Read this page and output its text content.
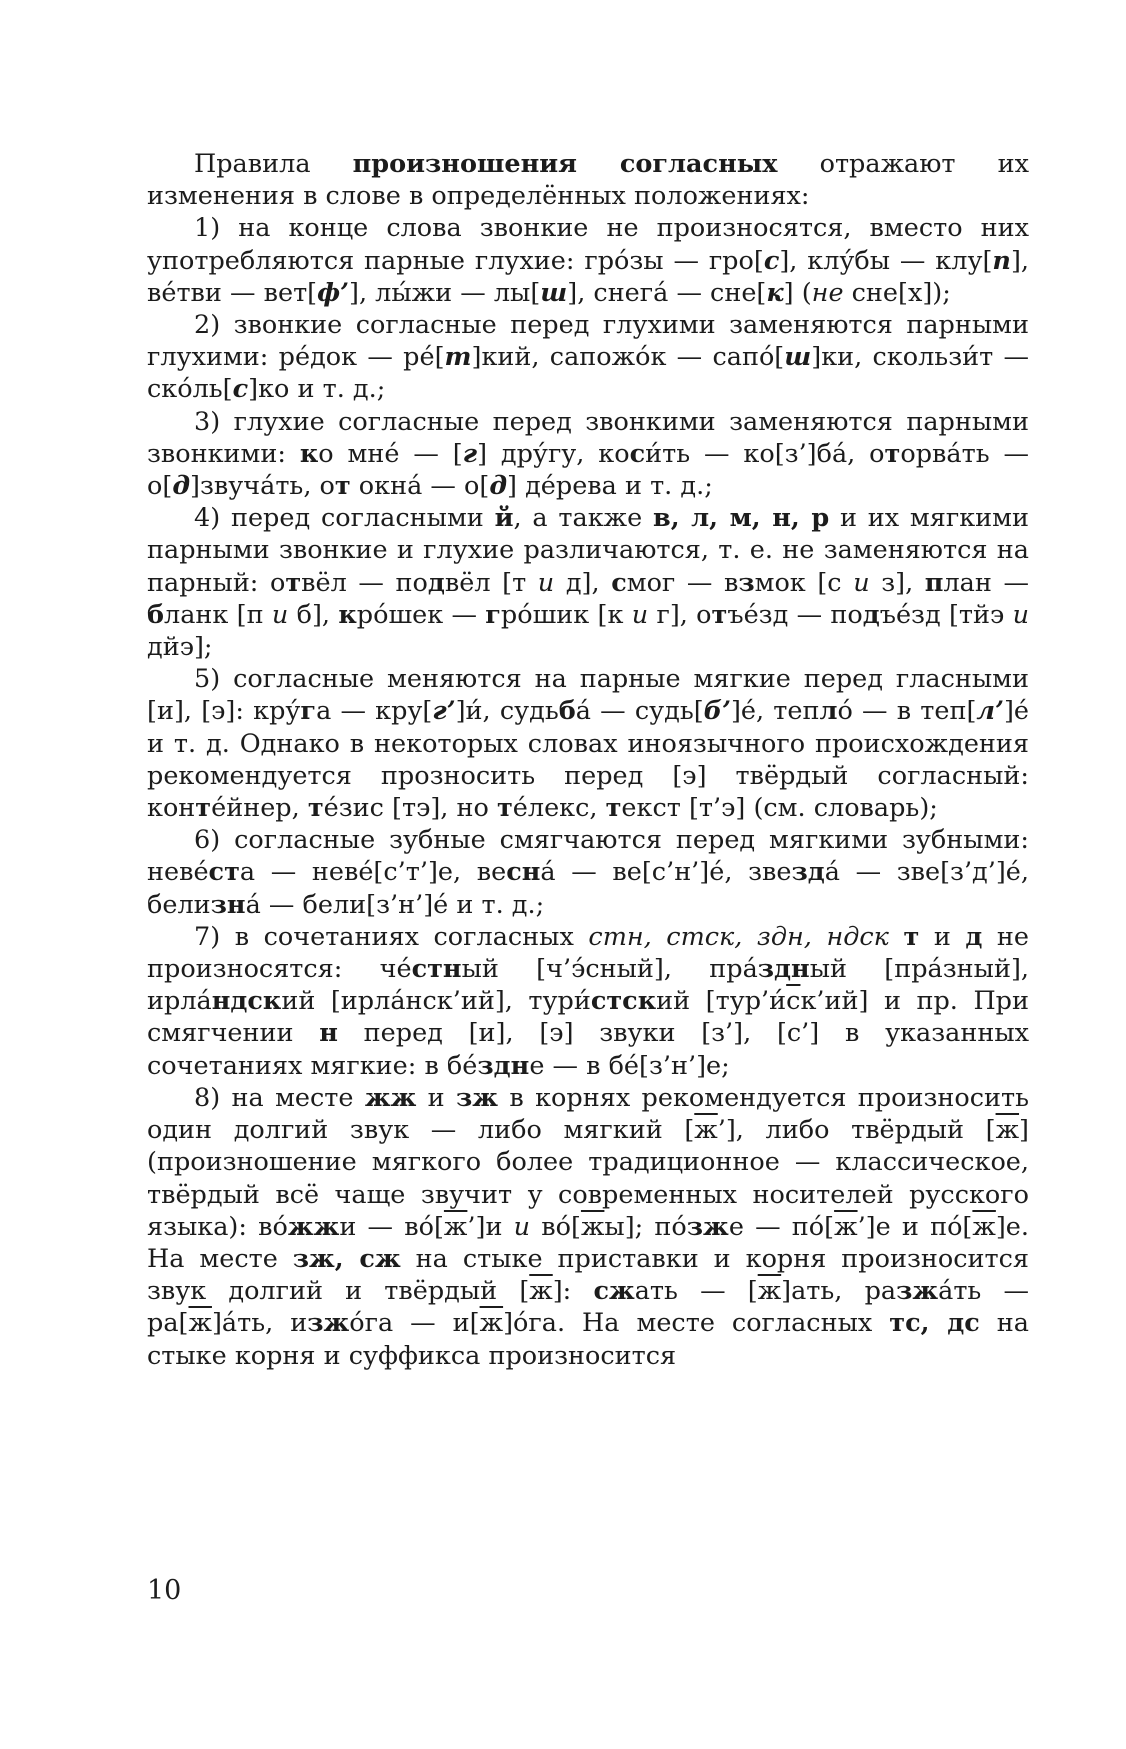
Правила произношения согласных отражают их изменения в слове в определённых положениях:

1) на конце слова звонкие не произносятся, вместо них употребляются парные глухие: гро́зы — гро[с], клу́бы — клу[п], ве́тви — вет[ф’], лы́жи — лы[ш], снега́ — сне[к] (не сне[х]);

2) звонкие согласные перед глухими заменяются парными глухими: ре́док — ре́[т]кий, сапожо́к — сапо́[ш]ки, скользи́т — ско́ль[с]ко и т. д.;

3) глухие согласные перед звонкими заменяются парными звонкими: ко мне́ — [г] дру́гу, коси́ть — ко[з’]ба́, оторва́ть — о[д]звуча́ть, от окна́ — о[д] де́рева и т. д.;

4) перед согласными й, а также в, л, м, н, р и их мягкими парными звонкие и глухие различаются, т. е. не заменяются на парный: отвёл — подвёл [т и д], смог — взмок [с и з], план — бланк [п и б], кро́шек — гро́шик [к и г], отъе́зд — подъе́зд [тйэ и дйэ];

5) согласные меняются на парные мягкие перед гласными [и], [э]: кру́га — кру[г’]и́, судьба́ — судь[б’]е́, тепло́ — в теп[л’]е́ и т. д. Однако в некоторых словах иноязычного происхождения рекомендуется прозносить перед [э] твёрдый согласный: конте́йнер, те́зис [тэ], но те́лекс, текст [т’э] (см. словарь);

6) согласные зубные смягчаются перед мягкими зубными: неве́ста — неве́[с’т’]е, весна́ — ве[с’н’]е́, звезда́ — зве[з’д’]е́, белизна́ — бели[з’н’]е́ и т. д.;

7) в сочетаниях согласных стн, стск, здн, ндск т и д не произносятся: че́стный [ч’э́сный], пра́здный [пра́зный], ирла́ндский [ирла́нск’ий], тури́стский [тур’и́ск’ий] и пр. При смягчении н перед [и], [э] звуки [з’], [с’] в указанных сочетаниях мягкие: в бе́здне — в бе́[з’н’]е;

8) на месте жж и зж в корнях рекомендуется произносить один долгий звук — либо мягкий [ж’], либо твёрдый [ж] (произношение мягкого более традиционное — классическое, твёрдый всё чаще звучит у современных носителей русского языка): во́жжи — во́[ж’]и и во́[жы]; по́зже — по́[ж’]е и по́[ж]е. На месте зж, сж на стыке приставки и корня произносится звук долгий и твёрдый [ж]: сжать — [ж]ать, разжа́ть — ра[ж]а́ть, изжо́га — и[ж]о́га. На месте согласных тс, дс на стыке корня и суффикса произносится

10
